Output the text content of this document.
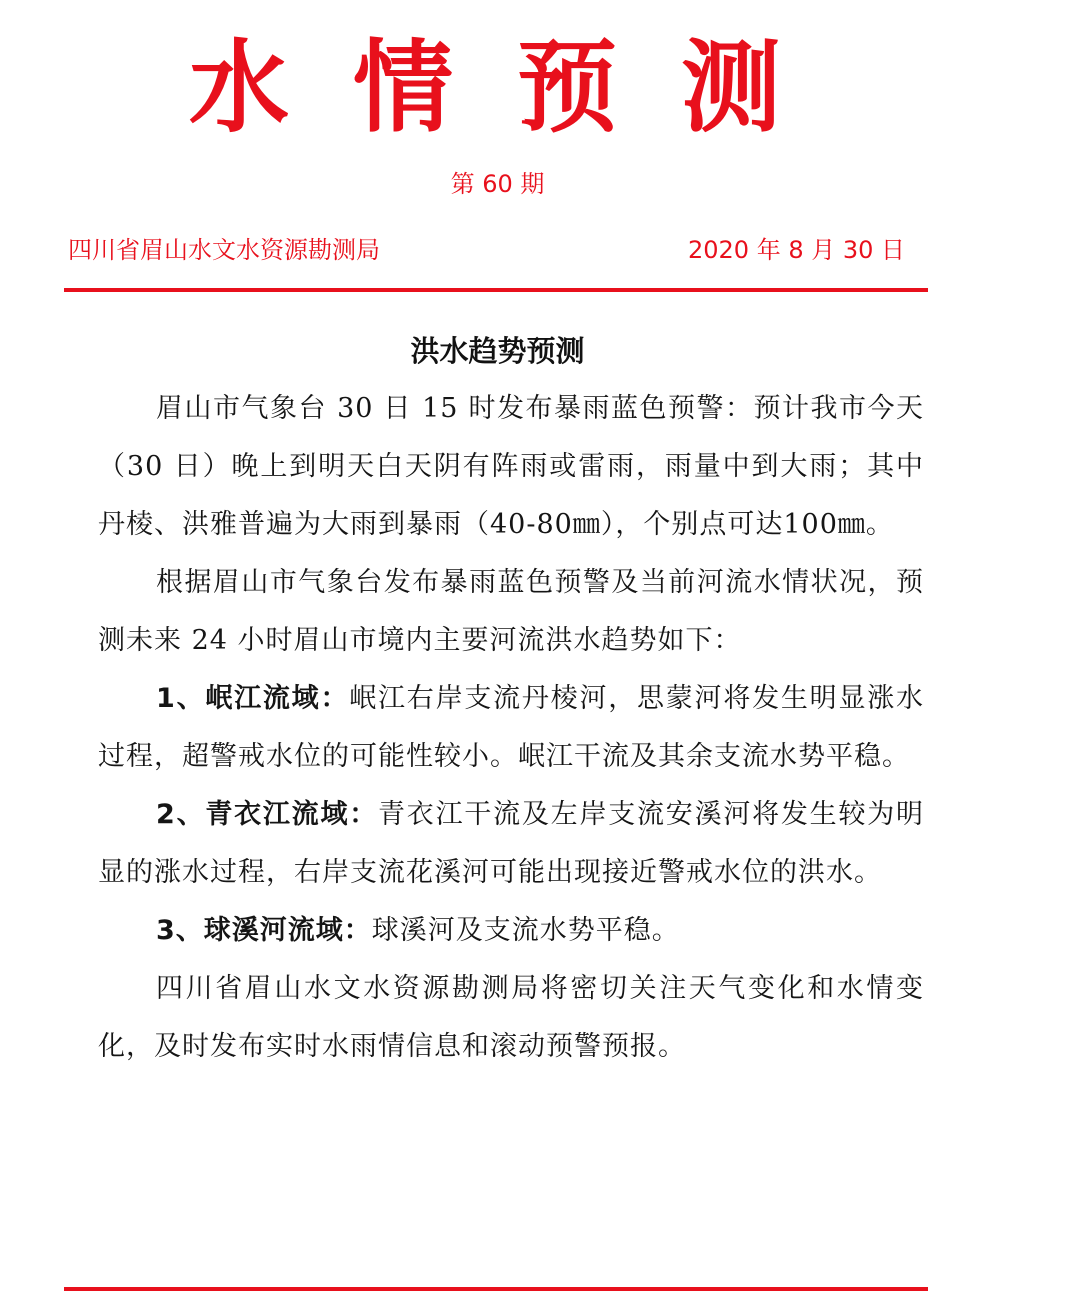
水情预测
第 60 期
四川省眉山水文水资源勘测局	2020 年 8 月 30 日
洪水趋势预测

眉山市气象台 30 日 15 时发布暴雨蓝色预警：预计我市今天（30 日）晚上到明天白天阴有阵雨或雷雨，雨量中到大雨；其中丹棱、洪雅普遍为大雨到暴雨（40-80㎜），个别点可达100㎜。

根据眉山市气象台发布暴雨蓝色预警及当前河流水情状况，预测未来 24 小时眉山市境内主要河流洪水趋势如下：

1、岷江流域：岷江右岸支流丹棱河，思蒙河将发生明显涨水过程，超警戒水位的可能性较小。岷江干流及其余支流水势平稳。

2、青衣江流域：青衣江干流及左岸支流安溪河将发生较为明显的涨水过程，右岸支流花溪河可能出现接近警戒水位的洪水。

3、球溪河流域：球溪河及支流水势平稳。

四川省眉山水文水资源勘测局将密切关注天气变化和水情变化，及时发布实时水雨情信息和滚动预警预报。
